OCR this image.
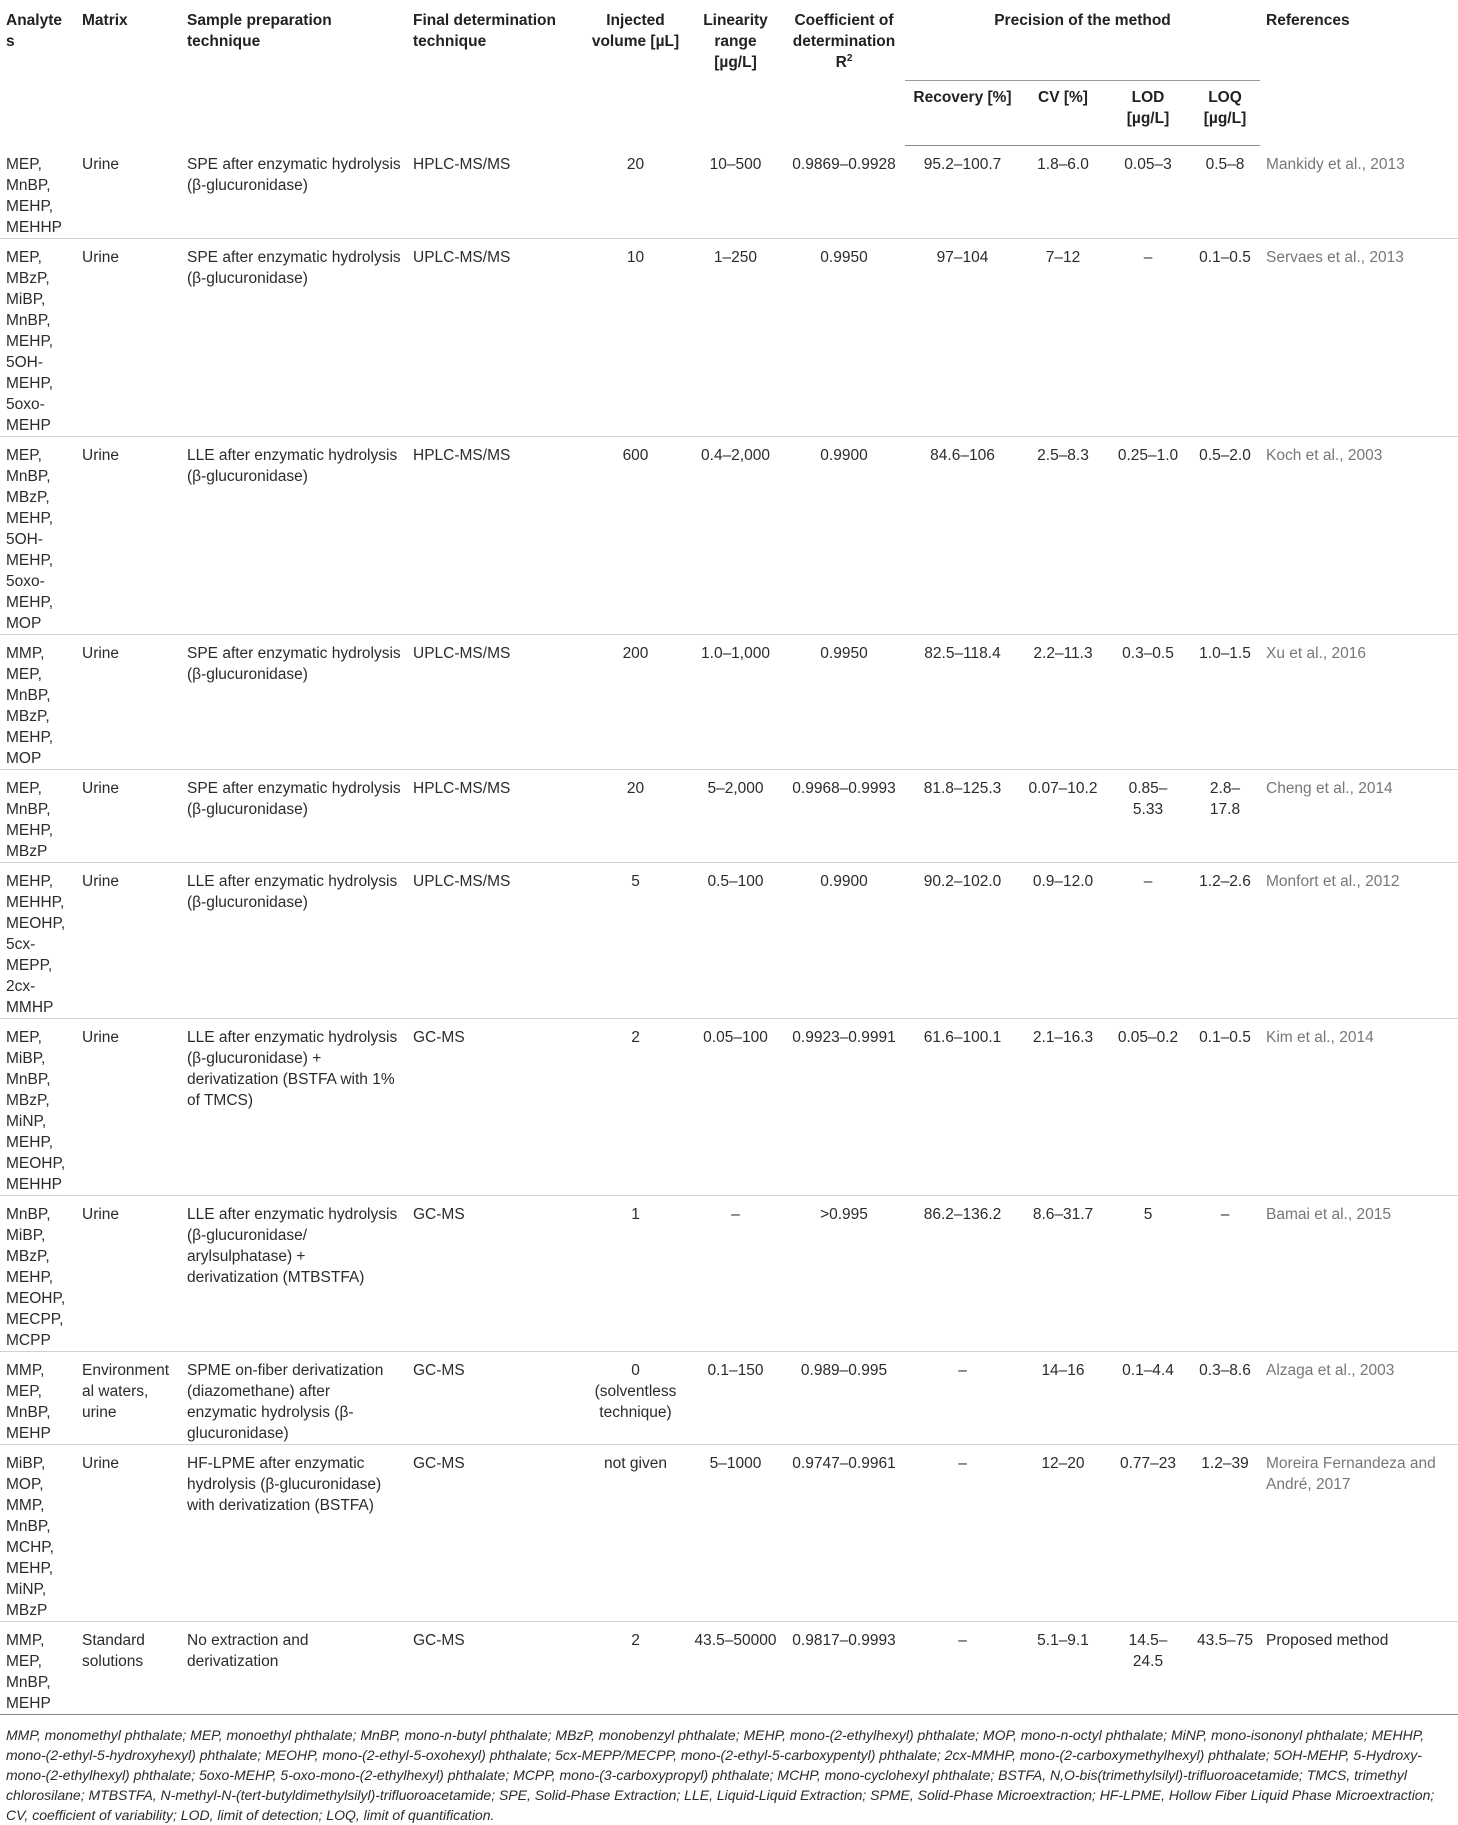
Analytes	Matrix	Sample preparation technique	Final determination technique	Injected volume [µL]	Linearity range [µg/L]	Coefficient of determination $R^2$	Precision of the method				References
							Recovery [%]	CV [%]	LOD [µg/L]	LOQ [µg/L]	
MEP, MnBP, MEHP, MEHHP	Urine	SPE after enzymatic hydrolysis (β-glucuronidase)	HPLC-MS/MS	20	10–500	0.9869–0.9928	95.2–100.7	1.8–6.0	0.05–3	0.5–8	Mankidy et al., 2013
MEP, MBzP, MiBP, MnBP, MEHP, 5OH-MEHP, 5oxo-MEHP	Urine	SPE after enzymatic hydrolysis (β-glucuronidase)	UPLC-MS/MS	10	1–250	0.9950	97–104	7–12	–	0.1–0.5	Servaes et al., 2013
MEP, MnBP, MBzP, MEHP, 5OH-MEHP, 5oxo-MEHP, MOP	Urine	LLE after enzymatic hydrolysis (β-glucuronidase)	HPLC-MS/MS	600	0.4–2,000	0.9900	84.6–106	2.5–8.3	0.25–1.0	0.5–2.0	Koch et al., 2003
MMP, MEP, MnBP, MBzP, MEHP, MOP	Urine	SPE after enzymatic hydrolysis (β-glucuronidase)	UPLC-MS/MS	200	1.0–1,000	0.9950	82.5–118.4	2.2–11.3	0.3–0.5	1.0–1.5	Xu et al., 2016
MEP, MnBP, MEHP, MBzP	Urine	SPE after enzymatic hydrolysis (β-glucuronidase)	HPLC-MS/MS	20	5–2,000	0.9968–0.9993	81.8–125.3	0.07–10.2	0.85– 5.33	2.8–17.8	Cheng et al., 2014
MEHP, MEHHP, MEOHP, 5cx-MEPP, 2cx-MMHP	Urine	LLE after enzymatic hydrolysis (β-glucuronidase)	UPLC-MS/MS	5	0.5–100	0.9900	90.2–102.0	0.9–12.0	–	1.2–2.6	Monfort et al., 2012
MEP, MiBP, MnBP, MBzP, MiNP, MEHP, MEOHP, MEHHP	Urine	LLE after enzymatic hydrolysis (β-glucuronidase) + derivatization (BSTFA with 1% of TMCS)	GC-MS	2	0.05–100	0.9923–0.9991	61.6–100.1	2.1–16.3	0.05–0.2	0.1–0.5	Kim et al., 2014
MnBP, MiBP, MBzP, MEHP, MEOHP, MECPP, MCPP	Urine	LLE after enzymatic hydrolysis (β-glucuronidase/ arylsulphatase) + derivatization (MTBSTFA)	GC-MS	1	–	>0.995	86.2–136.2	8.6–31.7	5	–	Bamai et al., 2015
MMP, MEP, MnBP, MEHP	Environmental waters, urine	SPME on-fiber derivatization (diazomethane) after enzymatic hydrolysis (β-glucuronidase)	GC-MS	0 (solventless technique)	0.1–150	0.989–0.995	–	14–16	0.1–4.4	0.3–8.6	Alzaga et al., 2003
MiBP, MOP, MMP, MnBP, MCHP, MEHP, MiNP, MBzP	Urine	HF-LPME after enzymatic hydrolysis (β-glucuronidase) with derivatization (BSTFA)	GC-MS	not given	5–1000	0.9747–0.9961	–	12–20	0.77–23	1.2–39	Moreira Fernandeza and André, 2017
MMP, MEP, MnBP, MEHP	Standard solutions	No extraction and derivatization	GC-MS	2	43.5–50000	0.9817–0.9993	–	5.1–9.1	14.5– 24.5	43.5–75	Proposed method
MMP, monomethyl phthalate; MEP, monoethyl phthalate; MnBP, mono-n-butyl phthalate; MBzP, monobenzyl phthalate; MEHP, mono-(2-ethylhexyl) phthalate; MOP, mono-n-octyl phthalate; MiNP, mono-isononyl phthalate; MEHHP, mono-(2-ethyl-5-hydroxyhexyl) phthalate; MEOHP, mono-(2-ethyl-5-oxohexyl) phthalate; 5cx-MEPP/MECPP, mono-(2-ethyl-5-carboxypentyl) phthalate; 2cx-MMHP, mono-(2-carboxymethylhexyl) phthalate; 5OH-MEHP, 5-Hydroxy-mono-(2-ethylhexyl) phthalate; 5oxo-MEHP, 5-oxo-mono-(2-ethylhexyl) phthalate; MCPP, mono-(3-carboxypropyl) phthalate; MCHP, mono-cyclohexyl phthalate; BSTFA, N,O-bis(trimethylsilyl)-trifluoroacetamide; TMCS, trimethyl chlorosilane; MTBSTFA, N-methyl-N-(tert-butyldimethylsilyl)-trifluoroacetamide; SPE, Solid-Phase Extraction; LLE, Liquid-Liquid Extraction; SPME, Solid-Phase Microextraction; HF-LPME, Hollow Fiber Liquid Phase Microextraction; CV, coefficient of variability; LOD, limit of detection; LOQ, limit of quantification.
